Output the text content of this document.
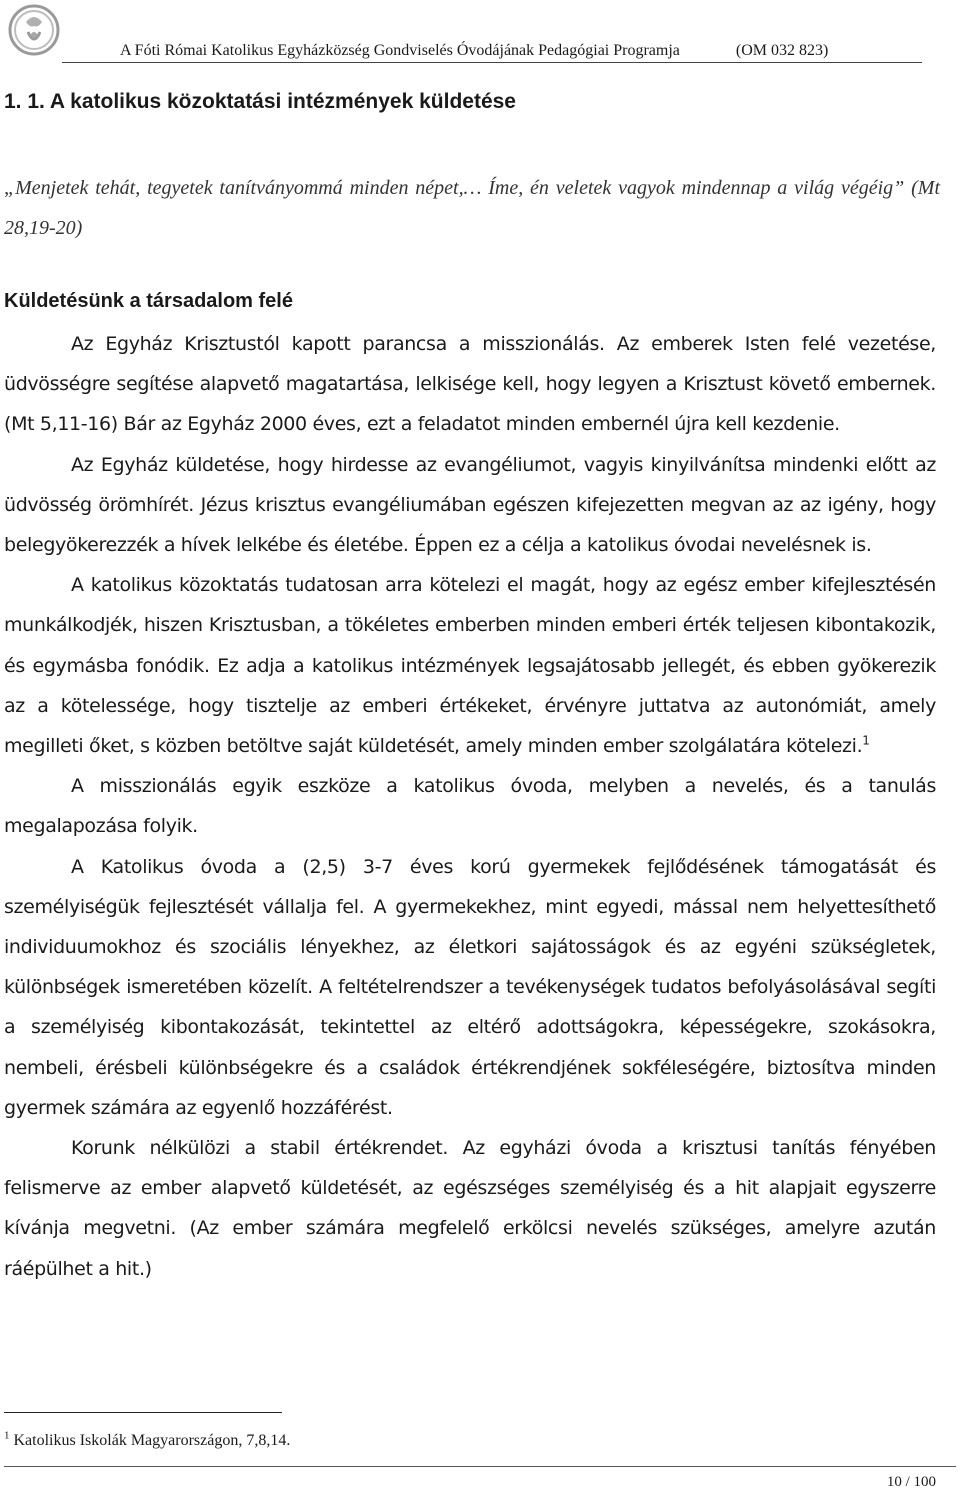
A Fóti Római Katolikus Egyházközség Gondviselés Óvodájának Pedagógiai Programja	(OM 032 823)
1. 1. A katolikus közoktatási intézmények küldetése
„Menjetek tehát, tegyetek tanítványommá minden népet,… Íme, én veletek vagyok mindennap a világ végéig” (Mt 28,19-20)
Küldetésünk a társadalom felé

Az Egyház Krisztustól kapott parancsa a misszionálás. Az emberek Isten felé vezetése, üdvösségre segítése alapvető magatartása, lelkisége kell, hogy legyen a Krisztust követő embernek. (Mt 5,11-16) Bár az Egyház 2000 éves, ezt a feladatot minden embernél újra kell kezdenie.

Az Egyház küldetése, hogy hirdesse az evangéliumot, vagyis kinyilvánítsa mindenki előtt az üdvösség örömhírét. Jézus krisztus evangéliumában egészen kifejezetten megvan az az igény, hogy belegyökerezzék a hívek lelkébe és életébe. Éppen ez a célja a katolikus óvodai nevelésnek is.

A katolikus közoktatás tudatosan arra kötelezi el magát, hogy az egész ember kifejlesztésén munkálkodjék, hiszen Krisztusban, a tökéletes emberben minden emberi érték teljesen kibontakozik, és egymásba fonódik. Ez adja a katolikus intézmények legsajátosabb jellegét, és ebben gyökerezik az a kötelessége, hogy tisztelje az emberi értékeket, érvényre juttatva az autonómiát, amely megilleti őket, s közben betöltve saját küldetését, amely minden ember szolgálatára kötelezi.$^1$

A misszionálás egyik eszköze a katolikus óvoda, melyben a nevelés, és a tanulás megalapozása folyik.

A Katolikus óvoda a (2,5) 3-7 éves korú gyermekek fejlődésének támogatását és személyiségük fejlesztését vállalja fel. A gyermekekhez, mint egyedi, mással nem helyettesíthető individuumokhoz és szociális lényekhez, az életkori sajátosságok és az egyéni szükségletek, különbségek ismeretében közelít. A feltételrendszer a tevékenységek tudatos befolyásolásával segíti a személyiség kibontakozását, tekintettel az eltérő adottságokra, képességekre, szokásokra, nembeli, érésbeli különbségekre és a családok értékrendjének sokféleségére, biztosítva minden gyermek számára az egyenlő hozzáférést.

Korunk nélkülözi a stabil értékrendet. Az egyházi óvoda a krisztusi tanítás fényében felismerve az ember alapvető küldetését, az egészséges személyiség és a hit alapjait egyszerre kívánja megvetni. (Az ember számára megfelelő erkölcsi nevelés szükséges, amelyre azután ráépülhet a hit.)

$^1$ Katolikus Iskolák Magyarországon, 7,8,14.
10 / 100
